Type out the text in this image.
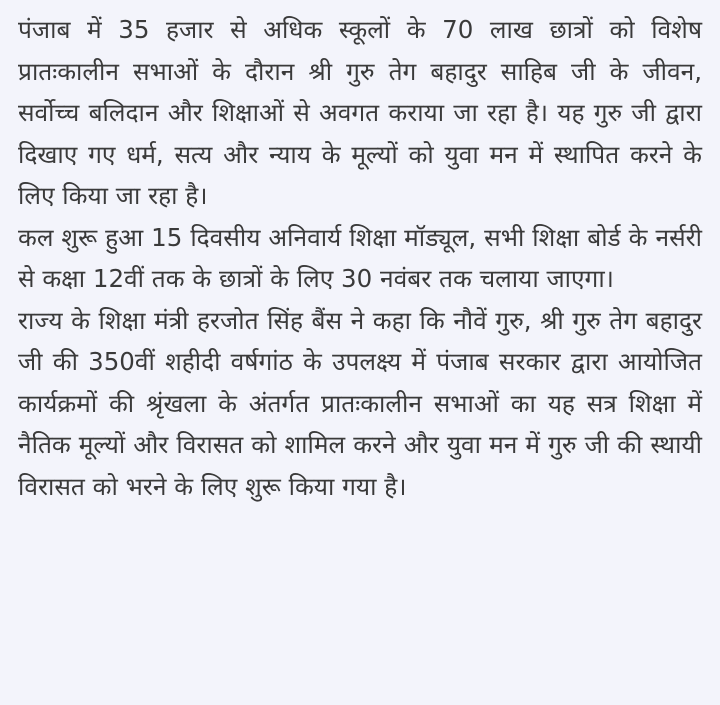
पंजाब में 35 हजार से अधिक स्कूलों के 70 लाख छात्रों को विशेष प्रातःकालीन सभाओं के दौरान श्री गुरु तेग बहादुर साहिब जी के जीवन, सर्वोच्च बलिदान और शिक्षाओं से अवगत कराया जा रहा है। यह गुरु जी द्वारा दिखाए गए धर्म, सत्य और न्याय के मूल्यों को युवा मन में स्थापित करने के लिए किया जा रहा है।

कल शुरू हुआ 15 दिवसीय अनिवार्य शिक्षा मॉड्यूल, सभी शिक्षा बोर्ड के नर्सरी से कक्षा 12वीं तक के छात्रों के लिए 30 नवंबर तक चलाया जाएगा।

राज्य के शिक्षा मंत्री हरजोत सिंह बैंस ने कहा कि नौवें गुरु, श्री गुरु तेग बहादुर जी की 350वीं शहीदी वर्षगांठ के उपलक्ष्य में पंजाब सरकार द्वारा आयोजित कार्यक्रमों की श्रृंखला के अंतर्गत प्रातःकालीन सभाओं का यह सत्र शिक्षा में नैतिक मूल्यों और विरासत को शामिल करने और युवा मन में गुरु जी की स्थायी विरासत को भरने के लिए शुरू किया गया है।
